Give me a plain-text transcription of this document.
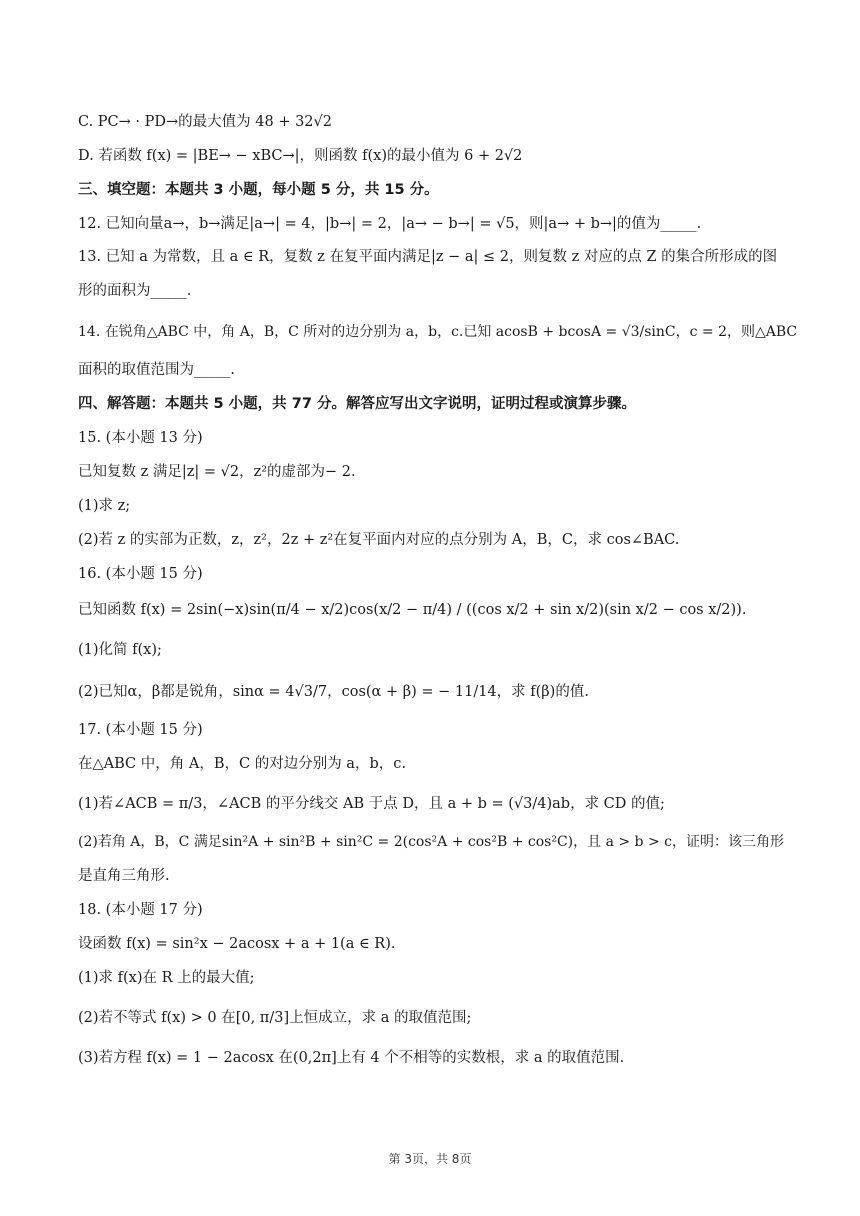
C. PC→ · PD→的最大值为 48 + 32√2
D. 若函数 f(x) = |BE→ − xBC→|，则函数 f(x)的最小值为 6 + 2√2
三、填空题：本题共 3 小题，每小题 5 分，共 15 分。
12. 已知向量a→，b→满足|a→| = 4，|b→| = 2，|a→ − b→| = √5，则|a→ + b→|的值为_____.
13. 已知 a 为常数，且 a ∈ R，复数 z 在复平面内满足|z − a| ≤ 2，则复数 z 对应的点 Z 的集合所形成的图
形的面积为_____.
14. 在锐角△ABC 中，角 A，B，C 所对的边分别为 a，b，c.已知 acosB + bcosA = √3/sinC，c = 2，则△ABC
面积的取值范围为_____.
四、解答题：本题共 5 小题，共 77 分。解答应写出文字说明，证明过程或演算步骤。
15. (本小题 13 分)
已知复数 z 满足|z| = √2，z²的虚部为− 2.
(1)求 z;
(2)若 z 的实部为正数，z，z²，2z + z²在复平面内对应的点分别为 A，B，C，求 cos∠BAC.
16. (本小题 15 分)
已知函数 f(x) = 2sin(−x)sin(π/4 − x/2)cos(x/2 − π/4) / ((cos x/2 + sin x/2)(sin x/2 − cos x/2)).
(1)化简 f(x);
(2)已知α，β都是锐角，sinα = 4√3/7，cos(α + β) = − 11/14，求 f(β)的值.
17. (本小题 15 分)
在△ABC 中，角 A，B，C 的对边分别为 a，b，c.
(1)若∠ACB = π/3，∠ACB 的平分线交 AB 于点 D，且 a + b = (√3/4)ab，求 CD 的值;
(2)若角 A，B，C 满足sin²A + sin²B + sin²C = 2(cos²A + cos²B + cos²C)，且 a > b > c，证明：该三角形
是直角三角形.
18. (本小题 17 分)
设函数 f(x) = sin²x − 2acosx + a + 1(a ∈ R).
(1)求 f(x)在 R 上的最大值;
(2)若不等式 f(x) > 0 在[0, π/3]上恒成立，求 a 的取值范围;
(3)若方程 f(x) = 1 − 2acosx 在(0,2π]上有 4 个不相等的实数根，求 a 的取值范围.
第 3页，共 8页
